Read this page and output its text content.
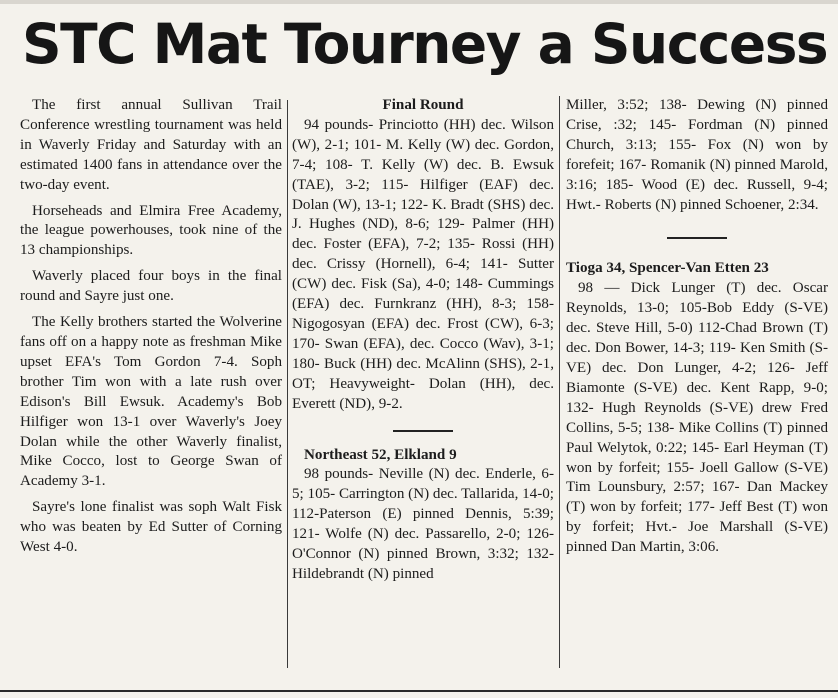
STC Mat Tourney a Success

The first annual Sullivan Trail Conference wrestling tournament was held in Waverly Friday and Saturday with an estimated 1400 fans in attendance over the two-day event.

Horseheads and Elmira Free Academy, the league powerhouses, took nine of the 13 championships.

Waverly placed four boys in the final round and Sayre just one.

The Kelly brothers started the Wolverine fans off on a happy note as freshman Mike upset EFA's Tom Gordon 7-4. Soph brother Tim won with a late rush over Edison's Bill Ewsuk. Academy's Bob Hilfiger won 13-1 over Waverly's Joey Dolan while the other Waverly finalist, Mike Cocco, lost to George Swan of Academy 3-1.

Sayre's lone finalist was soph Walt Fisk who was beaten by Ed Sutter of Corning West 4-0.

Final Round

94 pounds- Princiotto (HH) dec. Wilson (W), 2-1; 101- M. Kelly (W) dec. Gordon, 7-4; 108- T. Kelly (W) dec. B. Ewsuk (TAE), 3-2; 115- Hilfiger (EAF) dec. Dolan (W), 13-1; 122- K. Bradt (SHS) dec. J. Hughes (ND), 8-6; 129- Palmer (HH) dec. Foster (EFA), 7-2; 135- Rossi (HH) dec. Crissy (Hornell), 6-4; 141- Sutter (CW) dec. Fisk (Sa), 4-0; 148- Cummings (EFA) dec. Furnkranz (HH), 8-3; 158- Nigogosyan (EFA) dec. Frost (CW), 6-3; 170- Swan (EFA), dec. Cocco (Wav), 3-1; 180- Buck (HH) dec. McAlinn (SHS), 2-1, OT; Heavyweight- Dolan (HH), dec. Everett (ND), 9-2.

Northeast 52, Elkland 9

98 pounds- Neville (N) dec. Enderle, 6-5; 105- Carrington (N) dec. Tallarida, 14-0; 112-Paterson (E) pinned Dennis, 5:39; 121- Wolfe (N) dec. Passarello, 2-0; 126- O'Connor (N) pinned Brown, 3:32; 132- Hildebrandt (N) pinned

Miller, 3:52; 138- Dewing (N) pinned Crise, :32; 145- Fordman (N) pinned Church, 3:13; 155- Fox (N) won by forefeit; 167- Romanik (N) pinned Marold, 3:16; 185- Wood (E) dec. Russell, 9-4; Hwt.- Roberts (N) pinned Schoener, 2:34.

Tioga 34, Spencer-Van Etten 23

98 — Dick Lunger (T) dec. Oscar Reynolds, 13-0; 105-Bob Eddy (S-VE) dec. Steve Hill, 5-0) 112-Chad Brown (T) dec. Don Bower, 14-3; 119- Ken Smith (S-VE) dec. Don Lunger, 4-2; 126- Jeff Biamonte (S-VE) dec. Kent Rapp, 9-0; 132- Hugh Reynolds (S-VE) drew Fred Collins, 5-5; 138- Mike Collins (T) pinned Paul Welytok, 0:22; 145- Earl Heyman (T) won by forfeit; 155- Joell Gallow (S-VE) Tim Lounsbury, 2:57; 167- Dan Mackey (T) won by forfeit; 177- Jeff Best (T) won by forfeit; Hvt.- Joe Marshall (S-VE) pinned Dan Martin, 3:06.
